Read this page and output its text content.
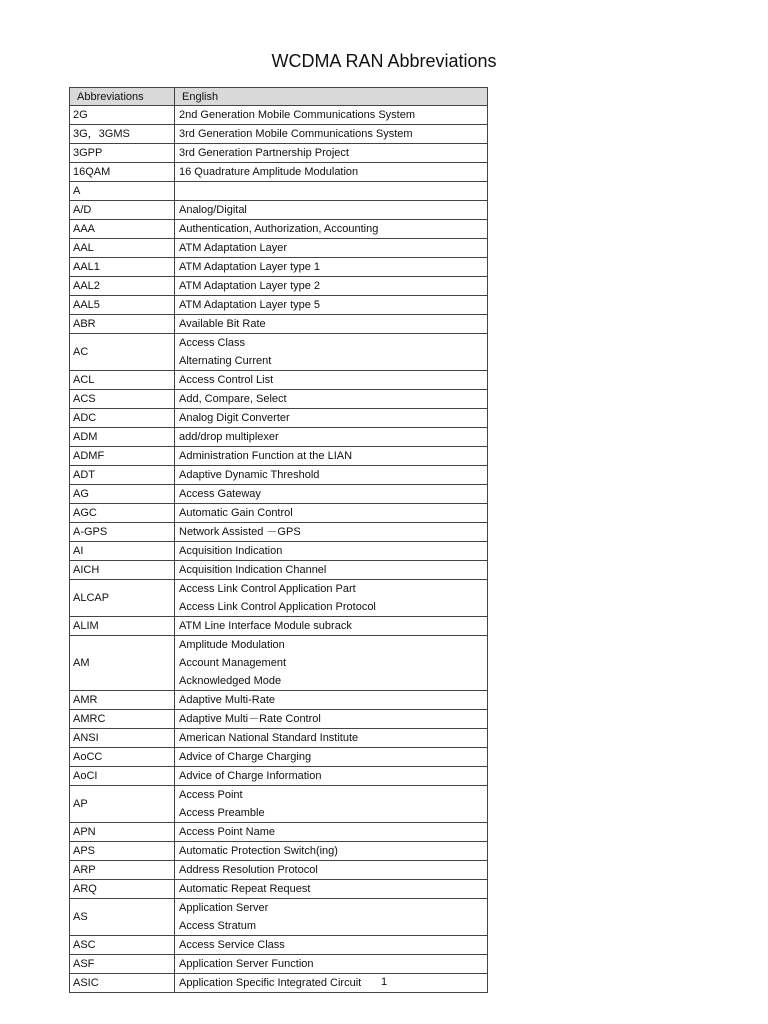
WCDMA RAN Abbreviations
Abbreviations	English

2G	2nd Generation Mobile Communications System

3G，3GMS	3rd Generation Mobile Communications System

3GPP	3rd Generation Partnership Project

16QAM	16 Quadrature Amplitude Modulation

A	

A/D	Analog/Digital

AAA	Authentication, Authorization, Accounting

AAL	ATM Adaptation Layer

AAL1	ATM Adaptation Layer type 1

AAL2	ATM Adaptation Layer type 2

AAL5	ATM Adaptation Layer type 5

ABR	Available Bit Rate

AC	Access Class
Alternating Current

ACL	Access Control List

ACS	Add, Compare, Select

ADC	Analog Digit Converter

ADM	add/drop multiplexer

ADMF	Administration Function at the LIAN

ADT	Adaptive Dynamic Threshold

AG	Access Gateway

AGC	Automatic Gain Control

A-GPS	Network Assisted －GPS

AI	Acquisition Indication

AICH	Acquisition Indication Channel

ALCAP	Access Link Control Application Part
Access Link Control Application Protocol

ALIM	ATM Line Interface Module subrack

AM	Amplitude Modulation
Account Management
Acknowledged Mode

AMR	Adaptive Multi-Rate

AMRC	Adaptive Multi－Rate Control

ANSI	American National Standard Institute

AoCC	Advice of Charge Charging

AoCI	Advice of Charge Information

AP	Access Point
Access Preamble

APN	Access Point Name

APS	Automatic Protection Switch(ing)

ARP	Address Resolution Protocol

ARQ	Automatic Repeat Request

AS	Application Server
Access Stratum

ASC	Access Service Class

ASF	Application Server Function

ASIC	Application Specific Integrated Circuit	1
